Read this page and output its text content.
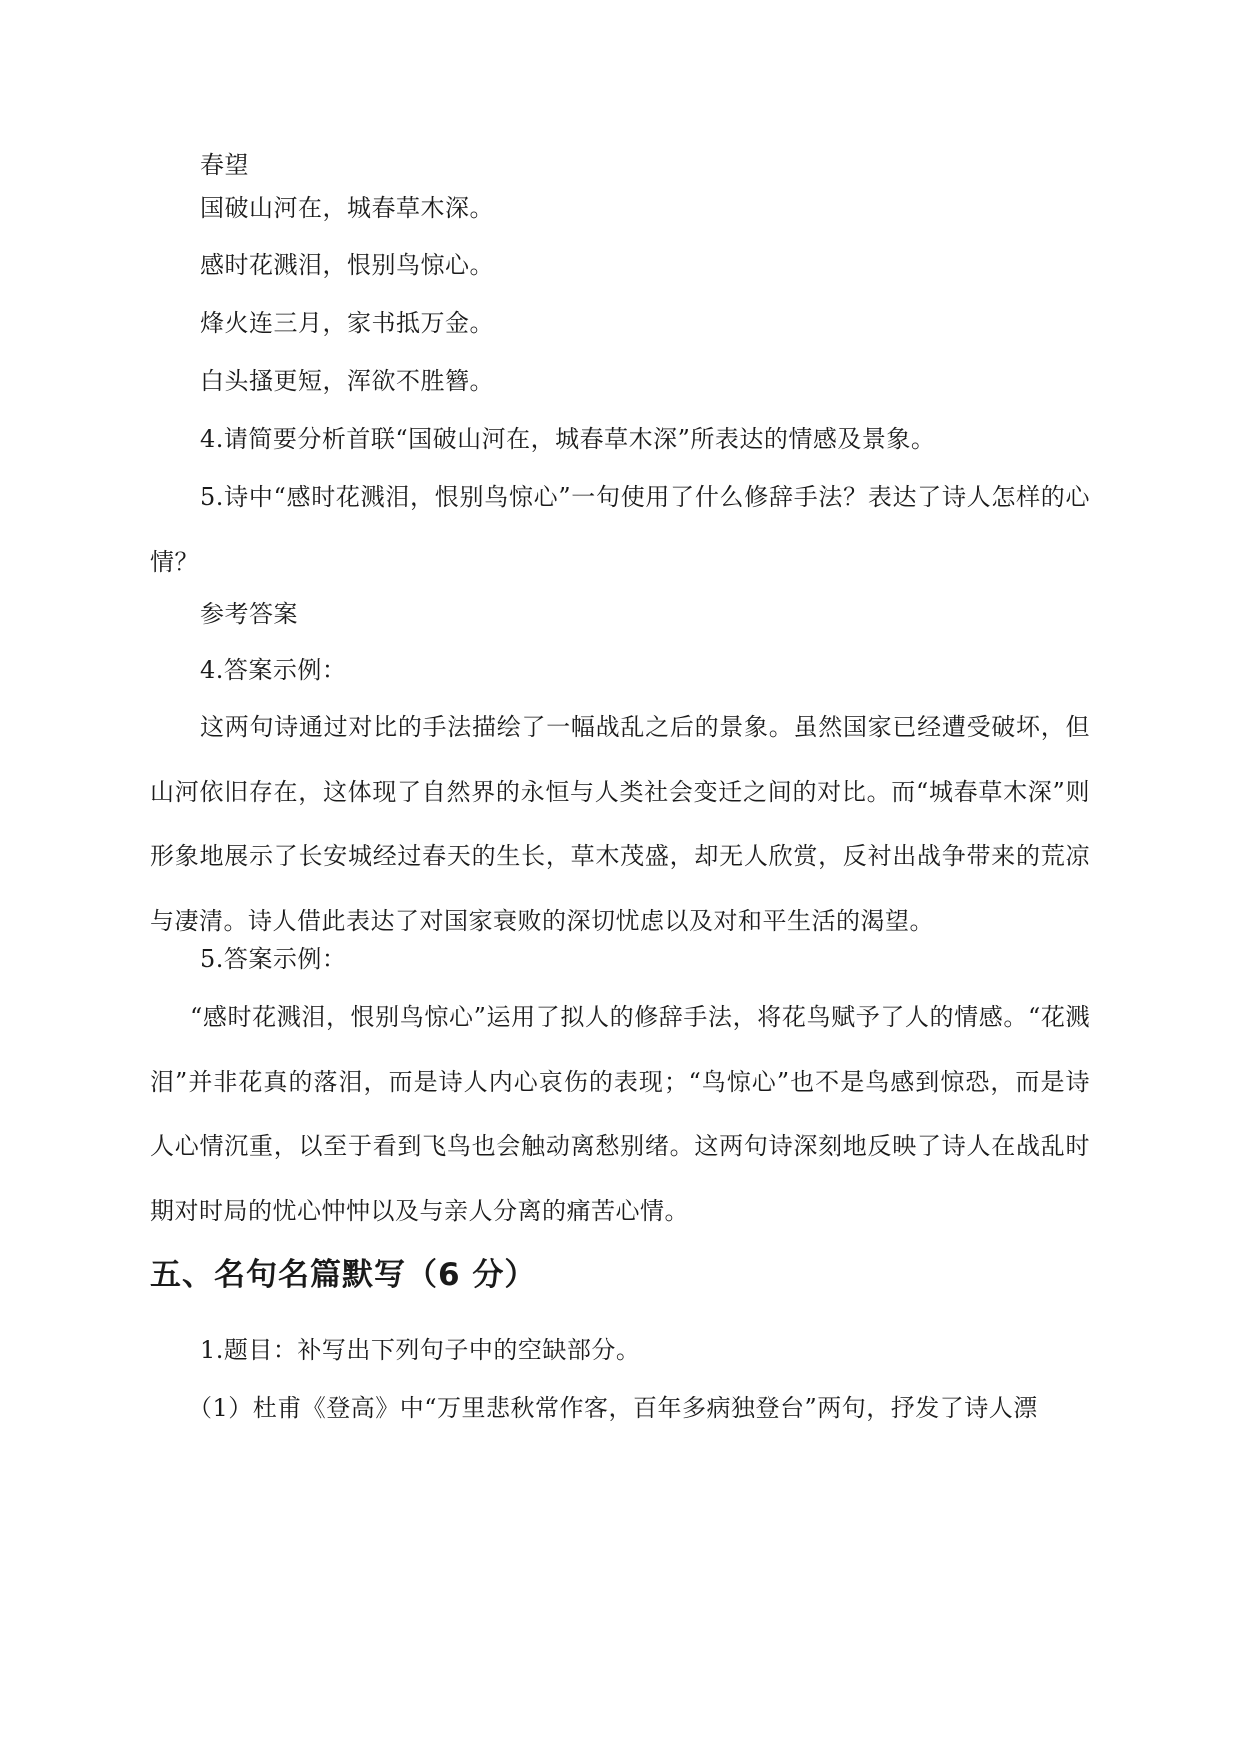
春望
国破山河在，城春草木深。
感时花溅泪，恨别鸟惊心。
烽火连三月，家书抵万金。
白头搔更短，浑欲不胜簪。
4.请简要分析首联“国破山河在，城春草木深”所表达的情感及景象。
5.诗中“感时花溅泪，恨别鸟惊心”一句使用了什么修辞手法？表达了诗人怎样的心情？
参考答案
4.答案示例：
这两句诗通过对比的手法描绘了一幅战乱之后的景象。虽然国家已经遭受破坏，但山河依旧存在，这体现了自然界的永恒与人类社会变迁之间的对比。而“城春草木深”则形象地展示了长安城经过春天的生长，草木茂盛，却无人欣赏，反衬出战争带来的荒凉与凄清。诗人借此表达了对国家衰败的深切忧虑以及对和平生活的渴望。
5.答案示例：
“感时花溅泪，恨别鸟惊心”运用了拟人的修辞手法，将花鸟赋予了人的情感。“花溅泪”并非花真的落泪，而是诗人内心哀伤的表现；“鸟惊心”也不是鸟感到惊恐，而是诗人心情沉重，以至于看到飞鸟也会触动离愁别绪。这两句诗深刻地反映了诗人在战乱时期对时局的忧心忡忡以及与亲人分离的痛苦心情。
五、名句名篇默写（6 分）
1.题目：补写出下列句子中的空缺部分。
（1）杜甫《登高》中“万里悲秋常作客，百年多病独登台”两句，抒发了诗人漂
